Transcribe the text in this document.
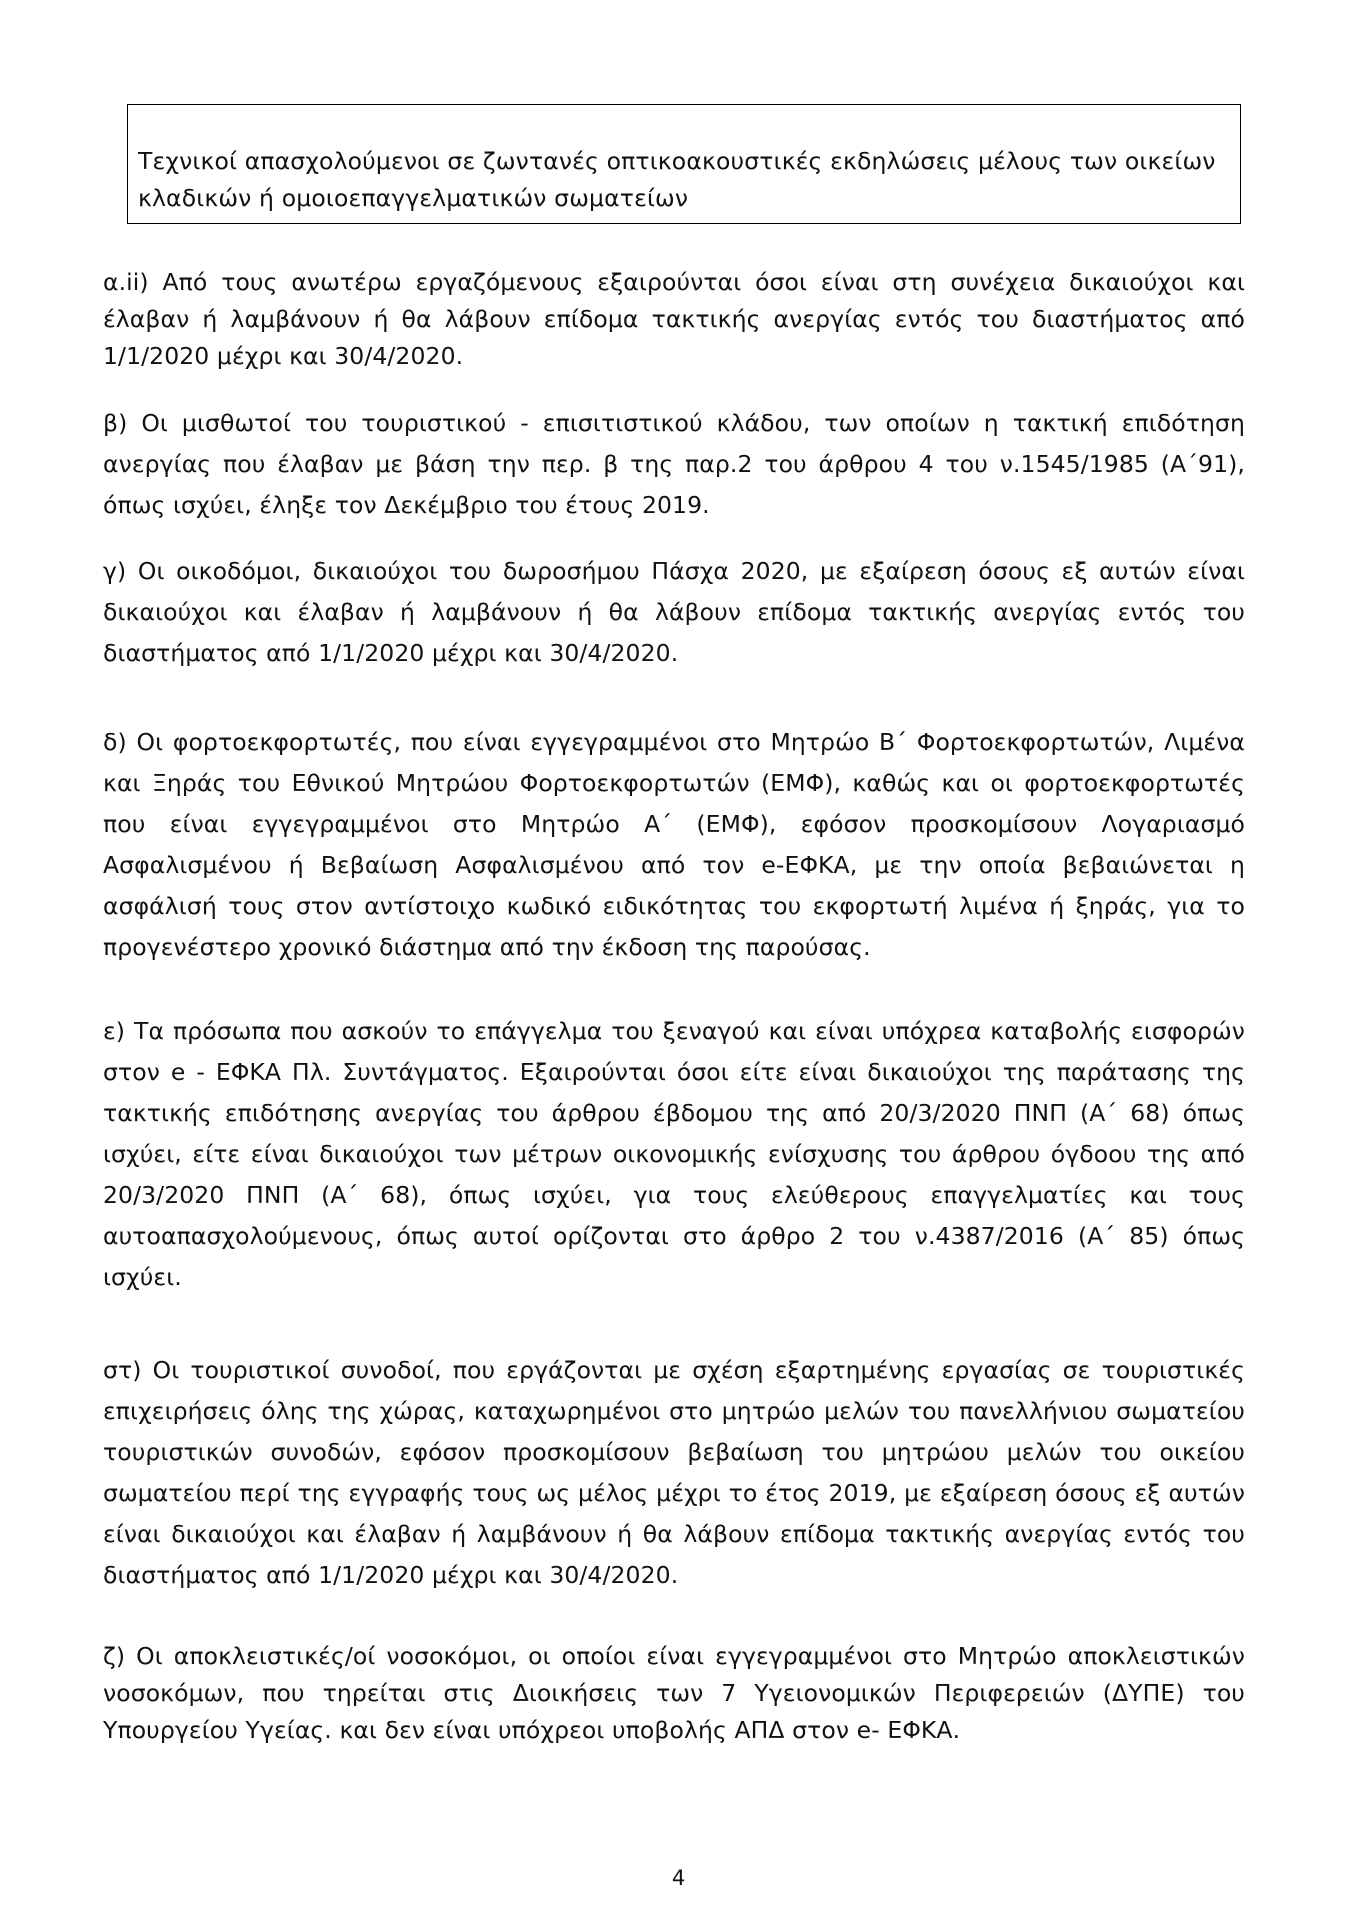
Τεχνικοί απασχολούμενοι σε ζωντανές οπτικοακουστικές εκδηλώσεις μέλους των οικείων κλαδικών ή ομοιοεπαγγελματικών σωματείων

α.ii) Από τους ανωτέρω εργαζόμενους εξαιρούνται όσοι είναι στη συνέχεια δικαιούχοι και έλαβαν ή λαμβάνουν ή θα λάβουν επίδομα τακτικής ανεργίας εντός του διαστήματος από 1/1/2020 μέχρι και 30/4/2020.

β) Οι μισθωτοί του τουριστικού - επισιτιστικού κλάδου, των οποίων η τακτική επιδότηση ανεργίας που έλαβαν με βάση την περ. β της παρ.2 του άρθρου 4 του ν.1545/1985 (Α΄91), όπως ισχύει, έληξε τον Δεκέμβριο του έτους 2019.

γ) Οι οικοδόμοι, δικαιούχοι του δωροσήμου Πάσχα 2020, με εξαίρεση όσους εξ αυτών είναι δικαιούχοι και έλαβαν ή λαμβάνουν ή θα λάβουν επίδομα τακτικής ανεργίας εντός του διαστήματος από 1/1/2020 μέχρι και 30/4/2020.

δ) Οι φορτοεκφορτωτές, που είναι εγγεγραμμένοι στο Μητρώο Β΄ Φορτοεκφορτωτών, Λιμένα και Ξηράς του Εθνικού Μητρώου Φορτοεκφορτωτών (ΕΜΦ), καθώς και οι φορτοεκφορτωτές που είναι εγγεγραμμένοι στο Μητρώο Α΄ (ΕΜΦ), εφόσον προσκομίσουν Λογαριασμό Ασφαλισμένου ή Βεβαίωση Ασφαλισμένου από τον e-ΕΦΚΑ, με την οποία βεβαιώνεται η ασφάλισή τους στον αντίστοιχο κωδικό ειδικότητας του εκφορτωτή λιμένα ή ξηράς, για το προγενέστερο χρονικό διάστημα από την έκδοση της παρούσας.

ε) Τα πρόσωπα που ασκούν το επάγγελμα του ξεναγού και είναι υπόχρεα καταβολής εισφορών στον e - ΕΦΚΑ Πλ. Συντάγματος. Εξαιρούνται όσοι είτε είναι δικαιούχοι της παράτασης της τακτικής επιδότησης ανεργίας του άρθρου έβδομου της από 20/3/2020 ΠΝΠ (Α΄ 68) όπως ισχύει, είτε είναι δικαιούχοι των μέτρων οικονομικής ενίσχυσης του άρθρου όγδοου της από 20/3/2020 ΠΝΠ (Α΄ 68), όπως ισχύει, για τους ελεύθερους επαγγελματίες και τους αυτοαπασχολούμενους, όπως αυτοί ορίζονται στο άρθρο 2 του ν.4387/2016 (Α΄ 85) όπως ισχύει.

στ) Οι τουριστικοί συνοδοί, που εργάζονται με σχέση εξαρτημένης εργασίας σε τουριστικές επιχειρήσεις όλης της χώρας, καταχωρημένοι στο μητρώο μελών του πανελλήνιου σωματείου τουριστικών συνοδών, εφόσον προσκομίσουν βεβαίωση του μητρώου μελών του οικείου σωματείου περί της εγγραφής τους ως μέλος μέχρι το έτος 2019, με εξαίρεση όσους εξ αυτών είναι δικαιούχοι και έλαβαν ή λαμβάνουν ή θα λάβουν επίδομα τακτικής ανεργίας εντός του διαστήματος από 1/1/2020 μέχρι και 30/4/2020.

ζ) Οι αποκλειστικές/οί νοσοκόμοι, οι οποίοι είναι εγγεγραμμένοι στο Μητρώο αποκλειστικών νοσοκόμων, που τηρείται στις Διοικήσεις των 7 Υγειονομικών Περιφερειών (ΔΥΠΕ) του Υπουργείου Υγείας. και δεν είναι υπόχρεοι υποβολής ΑΠΔ στον e- ΕΦΚΑ.

4
